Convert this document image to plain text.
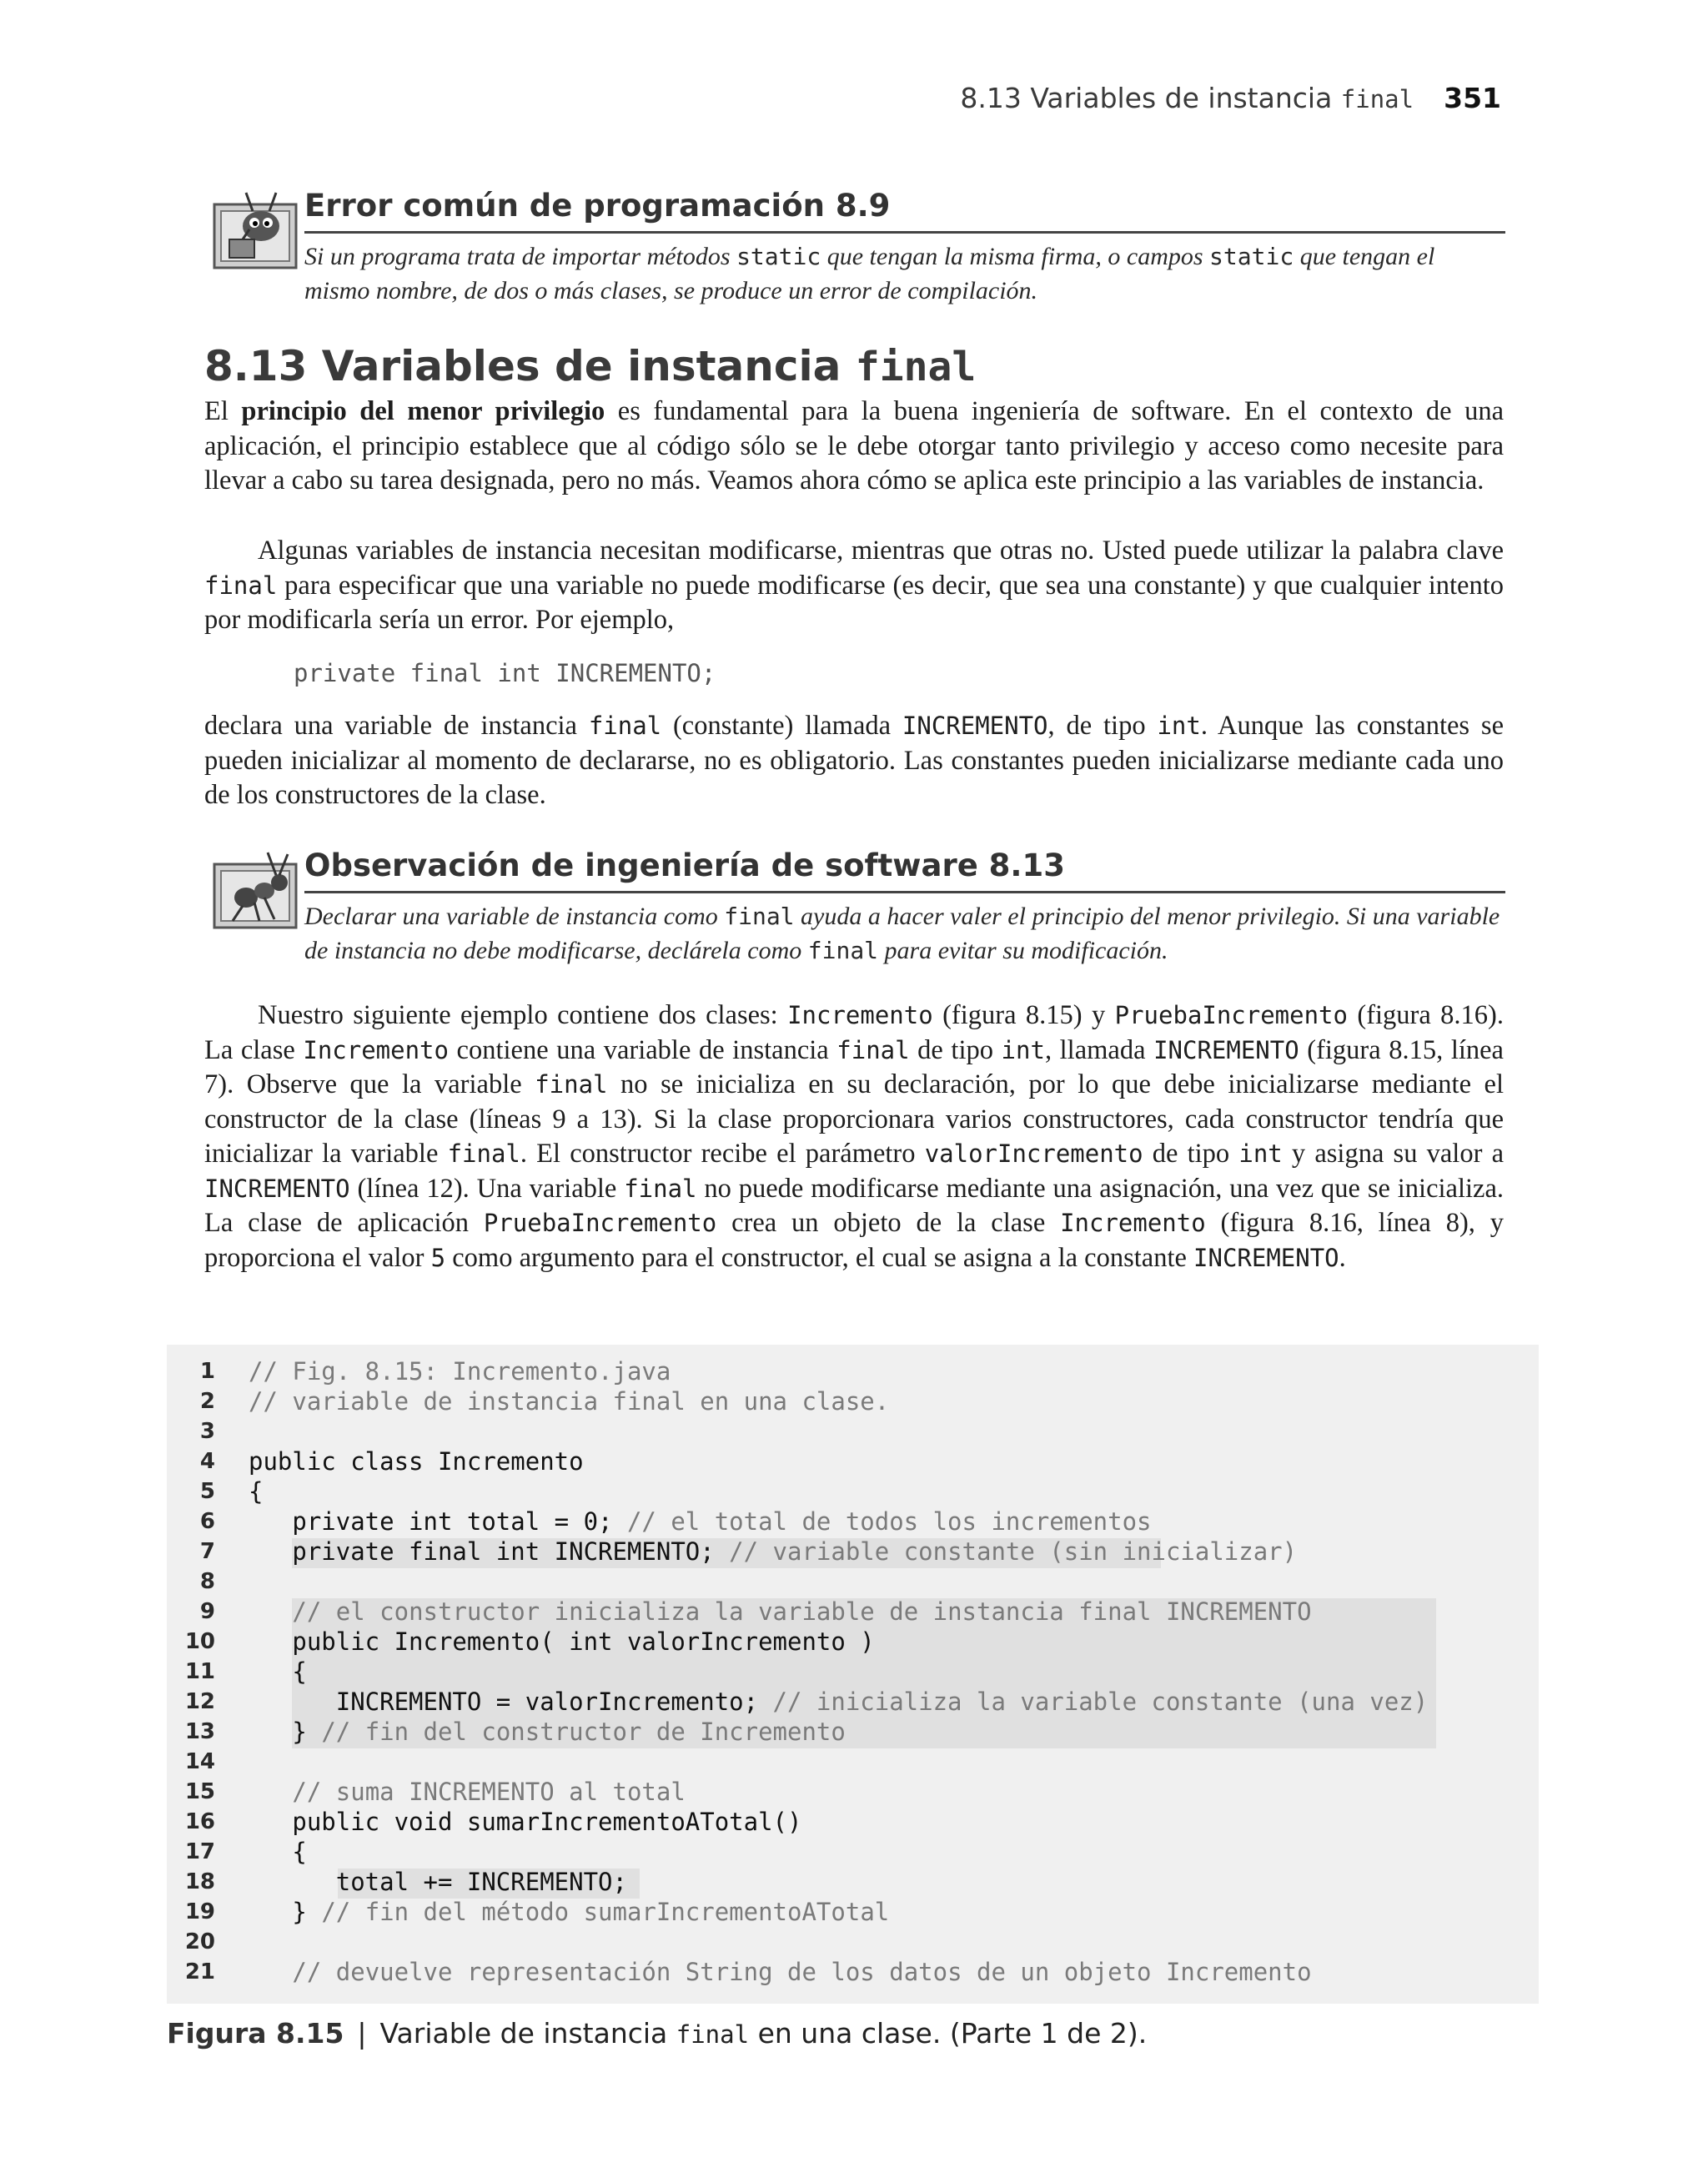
8.13 Variables de instancia final 351
Error común de programación 8.9
Si un programa trata de importar métodos static que tengan la misma firma, o campos static que tengan el mismo nombre, de dos o más clases, se produce un error de compilación.
8.13 Variables de instancia final
El principio del menor privilegio es fundamental para la buena ingeniería de software. En el contexto de una aplicación, el principio establece que al código sólo se le debe otorgar tanto privilegio y acceso como necesite para llevar a cabo su tarea designada, pero no más. Veamos ahora cómo se aplica este principio a las variables de instancia.
Algunas variables de instancia necesitan modificarse, mientras que otras no. Usted puede utilizar la palabra clave final para especificar que una variable no puede modificarse (es decir, que sea una constante) y que cualquier intento por modificarla sería un error. Por ejemplo,
private final int INCREMENTO;
declara una variable de instancia final (constante) llamada INCREMENTO, de tipo int. Aunque las constantes se pueden inicializar al momento de declararse, no es obligatorio. Las constantes pueden inicializarse mediante cada uno de los constructores de la clase.
Observación de ingeniería de software 8.13
Declarar una variable de instancia como final ayuda a hacer valer el principio del menor privilegio. Si una variable de instancia no debe modificarse, declárela como final para evitar su modificación.
Nuestro siguiente ejemplo contiene dos clases: Incremento (figura 8.15) y PruebaIncremento (figura 8.16). La clase Incremento contiene una variable de instancia final de tipo int, llamada INCREMENTO (figura 8.15, línea 7). Observe que la variable final no se inicializa en su declaración, por lo que debe inicializarse mediante el constructor de la clase (líneas 9 a 13). Si la clase proporcionara varios constructores, cada constructor tendría que inicializar la variable final. El constructor recibe el parámetro valorIncremento de tipo int y asigna su valor a INCREMENTO (línea 12). Una variable final no puede modificarse mediante una asignación, una vez que se inicializa. La clase de aplicación PruebaIncremento crea un objeto de la clase Incremento (figura 8.16, línea 8), y proporciona el valor 5 como argumento para el constructor, el cual se asigna a la constante INCREMENTO.
1 // Fig. 8.15: Incremento.java
2 // variable de instancia final en una clase.
3
4 public class Incremento
5 {
6 private int total = 0; // el total de todos los incrementos
7 private final int INCREMENTO; // variable constante (sin inicializar)
8
9	// el constructor inicializa la variable de instancia final INCREMENTO
10 public Incremento( int valorIncremento )
11 {
12 INCREMENTO = valorIncremento; // inicializa la variable constante (una vez)
13 } // fin del constructor de Incremento
14
15	// suma INCREMENTO al total
16 public void sumarIncrementoATotal()
17 {
18 total += INCREMENTO;
19 } // fin del método sumarIncrementoATotal
20
21	// devuelve representación String de los datos de un objeto Incremento
Figura 8.15 | Variable de instancia final en una clase. (Parte 1 de 2).
